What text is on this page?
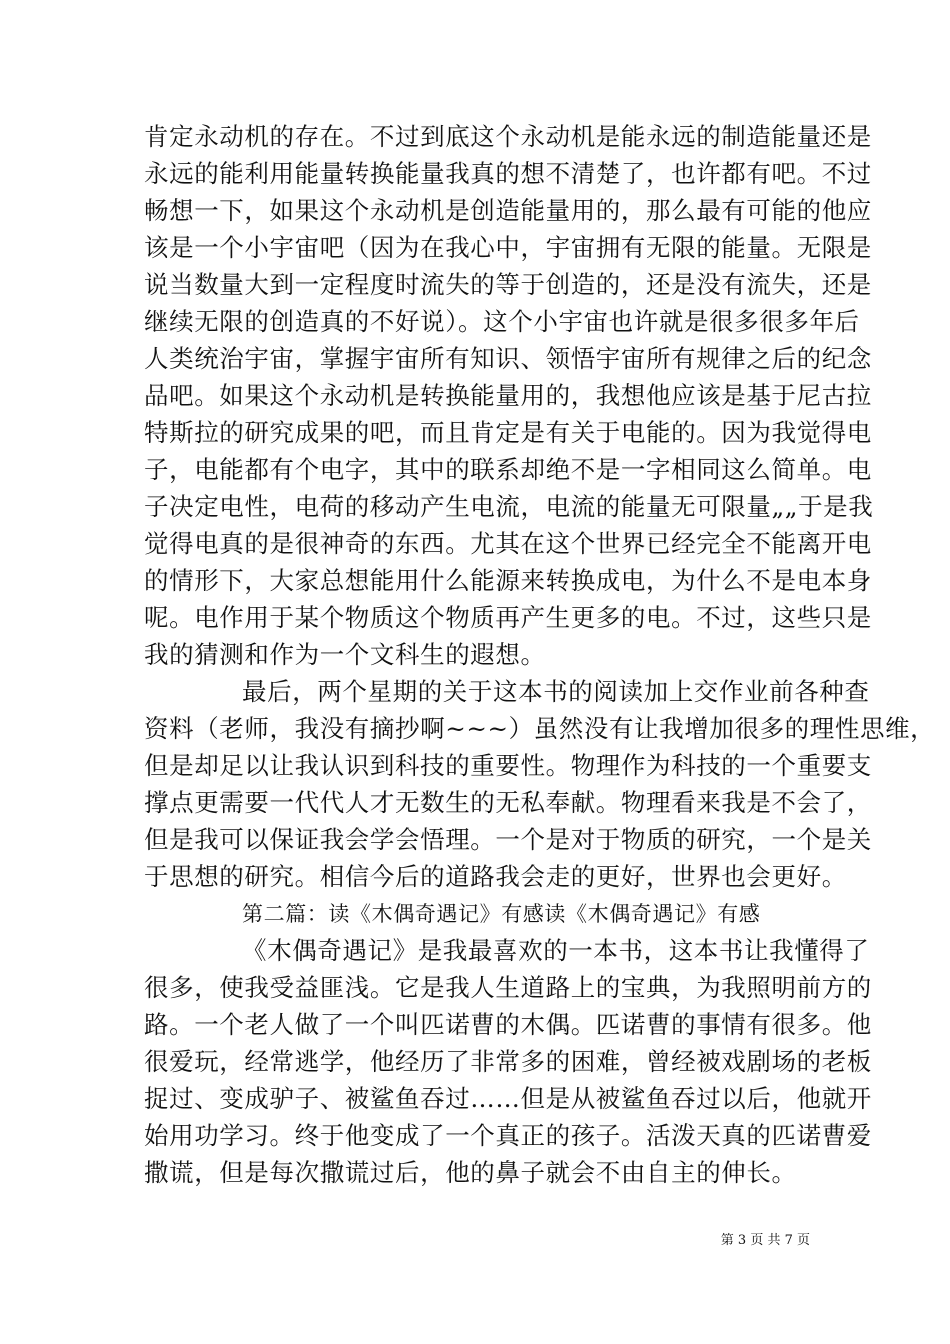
肯定永动机的存在。不过到底这个永动机是能永远的制造能量还是
永远的能利用能量转换能量我真的想不清楚了，也许都有吧。不过
畅想一下，如果这个永动机是创造能量用的，那么最有可能的他应
该是一个小宇宙吧（因为在我心中，宇宙拥有无限的能量。无限是
说当数量大到一定程度时流失的等于创造的，还是没有流失，还是
继续无限的创造真的不好说）。这个小宇宙也许就是很多很多年后
人类统治宇宙，掌握宇宙所有知识、领悟宇宙所有规律之后的纪念
品吧。如果这个永动机是转换能量用的，我想他应该是基于尼古拉
特斯拉的研究成果的吧，而且肯定是有关于电能的。因为我觉得电
子，电能都有个电字，其中的联系却绝不是一字相同这么简单。电
子决定电性，电荷的移动产生电流，电流的能量无可限量„„于是我
觉得电真的是很神奇的东西。尤其在这个世界已经完全不能离开电
的情形下，大家总想能用什么能源来转换成电，为什么不是电本身
呢。电作用于某个物质这个物质再产生更多的电。不过，这些只是
我的猜测和作为一个文科生的遐想。
最后，两个星期的关于这本书的阅读加上交作业前各种查
资料（老师，我没有摘抄啊~~~）虽然没有让我增加很多的理性思维，
但是却足以让我认识到科技的重要性。物理作为科技的一个重要支
撑点更需要一代代人才无数生的无私奉献。物理看来我是不会了，
但是我可以保证我会学会悟理。一个是对于物质的研究，一个是关
于思想的研究。相信今后的道路我会走的更好，世界也会更好。
第二篇：读《木偶奇遇记》有感读《木偶奇遇记》有感
《木偶奇遇记》是我最喜欢的一本书，这本书让我懂得了
很多，使我受益匪浅。它是我人生道路上的宝典，为我照明前方的
路。一个老人做了一个叫匹诺曹的木偶。匹诺曹的事情有很多。他
很爱玩，经常逃学，他经历了非常多的困难，曾经被戏剧场的老板
捉过、变成驴子、被鲨鱼吞过……但是从被鲨鱼吞过以后，他就开
始用功学习。终于他变成了一个真正的孩子。活泼天真的匹诺曹爱
撒谎，但是每次撒谎过后，他的鼻子就会不由自主的伸长。
第 3 页 共 7 页
